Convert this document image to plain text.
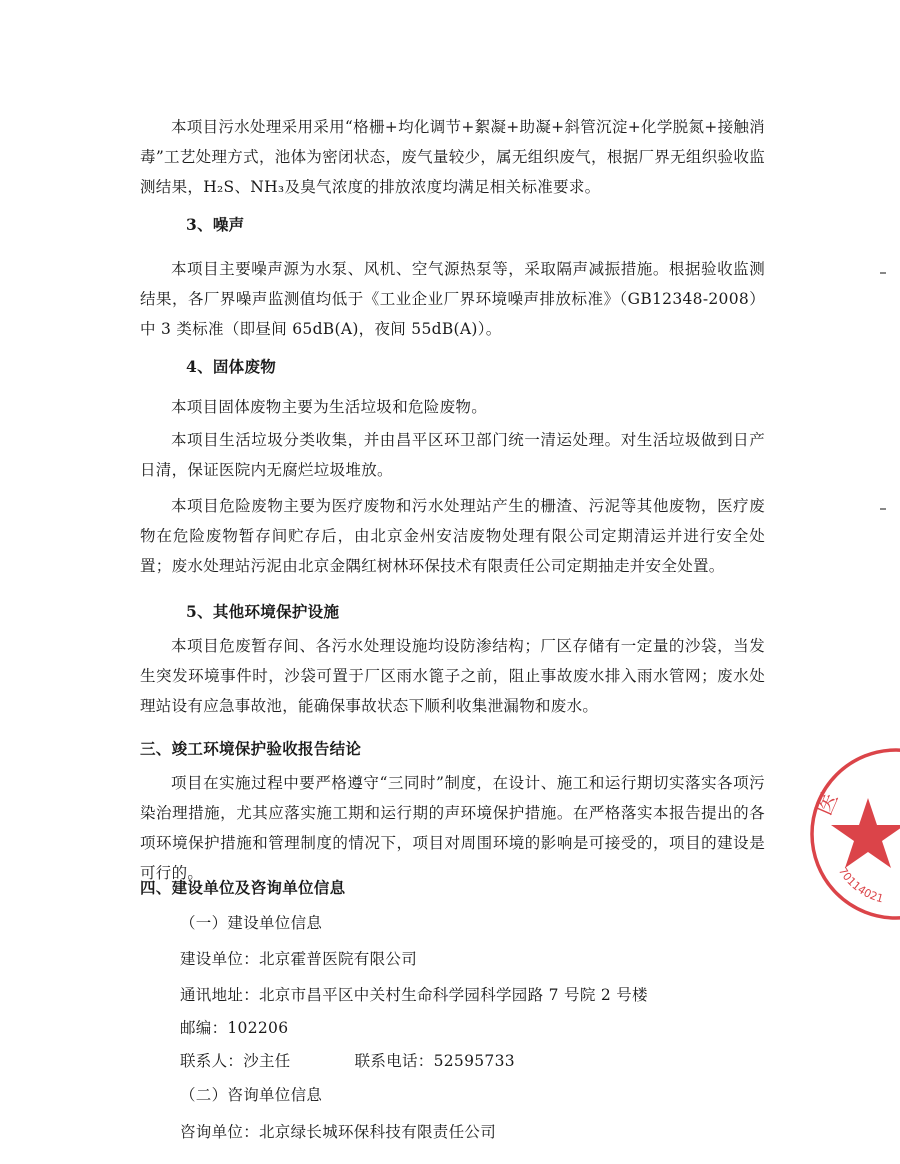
本项目污水处理采用采用“格栅+均化调节+絮凝+助凝+斜管沉淀+化学脱氮+接触消毒”工艺处理方式，池体为密闭状态，废气量较少，属无组织废气，根据厂界无组织验收监测结果，H₂S、NH₃及臭气浓度的排放浓度均满足相关标准要求。

3、噪声

本项目主要噪声源为水泵、风机、空气源热泵等，采取隔声减振措施。根据验收监测结果，各厂界噪声监测值均低于《工业企业厂界环境噪声排放标准》（GB12348-2008）中 3 类标准（即昼间 65dB(A)，夜间 55dB(A)）。

4、固体废物

本项目固体废物主要为生活垃圾和危险废物。

本项目生活垃圾分类收集，并由昌平区环卫部门统一清运处理。对生活垃圾做到日产日清，保证医院内无腐烂垃圾堆放。

本项目危险废物主要为医疗废物和污水处理站产生的栅渣、污泥等其他废物，医疗废物在危险废物暂存间贮存后，由北京金州安洁废物处理有限公司定期清运并进行安全处置；废水处理站污泥由北京金隅红树林环保技术有限责任公司定期抽走并安全处置。

5、其他环境保护设施

本项目危废暂存间、各污水处理设施均设防渗结构；厂区存储有一定量的沙袋，当发生突发环境事件时，沙袋可置于厂区雨水篦子之前，阻止事故废水排入雨水管网；废水处理站设有应急事故池，能确保事故状态下顺利收集泄漏物和废水。

三、竣工环境保护验收报告结论

项目在实施过程中要严格遵守“三同时”制度，在设计、施工和运行期切实落实各项污染治理措施，尤其应落实施工期和运行期的声环境保护措施。在严格落实本报告提出的各项环境保护措施和管理制度的情况下，项目对周围环境的影响是可接受的，项目的建设是可行的。

四、建设单位及咨询单位信息

（一）建设单位信息

建设单位：北京霍普医院有限公司

通讯地址：北京市昌平区中关村生命科学园科学园路 7 号院 2 号楼

邮编：102206

联系人：沙主任	联系电话：52595733

（二）咨询单位信息

咨询单位：北京绿长城环保科技有限责任公司

医
70114021
